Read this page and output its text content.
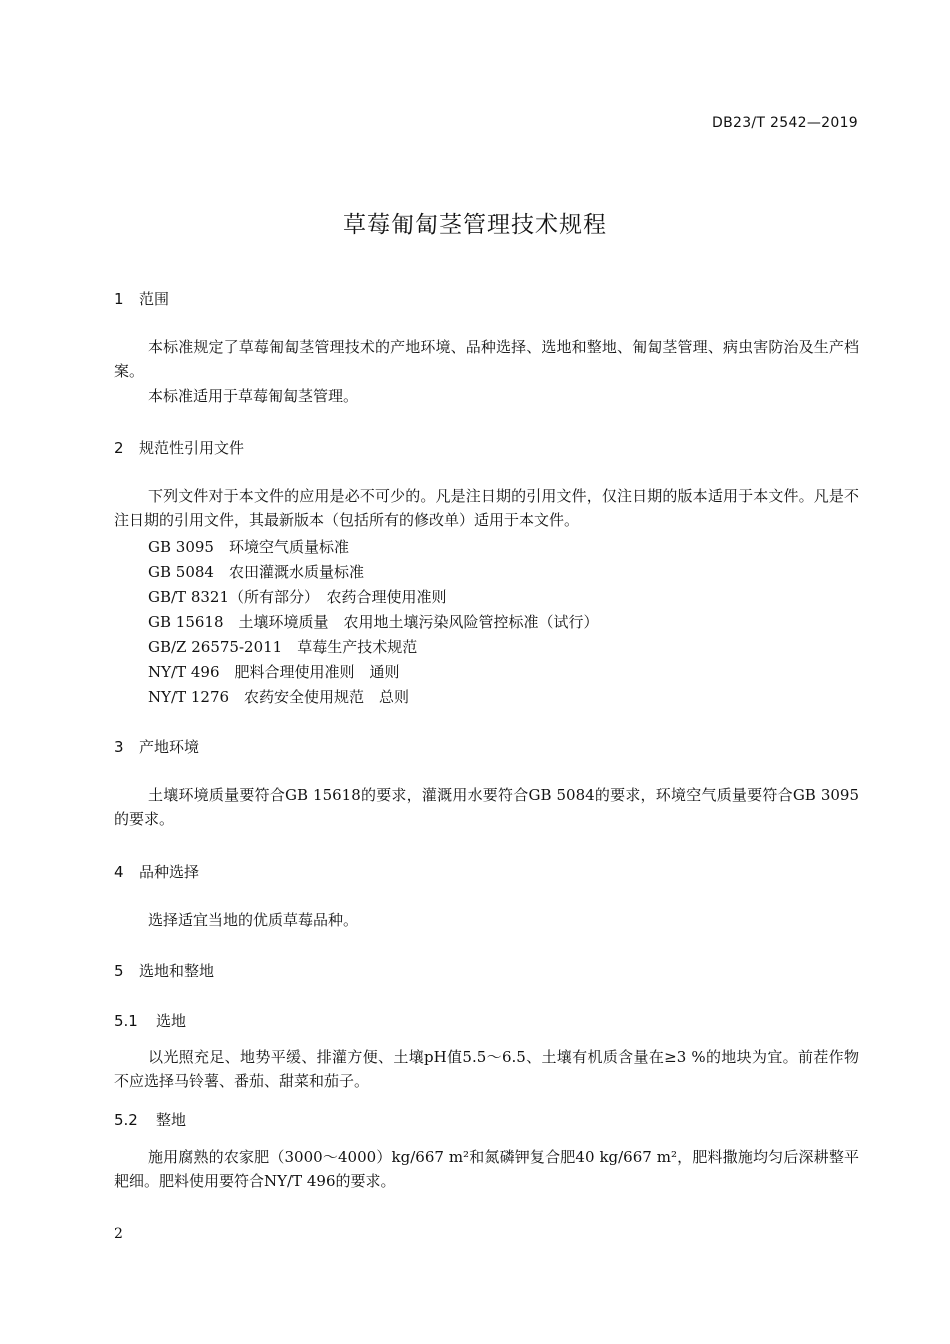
DB23/T 2542—2019
草莓匍匐茎管理技术规程
1 范围
本标准规定了草莓匍匐茎管理技术的产地环境、品种选择、选地和整地、匍匐茎管理、病虫害防治及生产档案。
本标准适用于草莓匍匐茎管理。
2 规范性引用文件
下列文件对于本文件的应用是必不可少的。凡是注日期的引用文件，仅注日期的版本适用于本文件。凡是不注日期的引用文件，其最新版本（包括所有的修改单）适用于本文件。
GB 3095　环境空气质量标准
GB 5084　农田灌溉水质量标准
GB/T 8321（所有部分）　农药合理使用准则
GB 15618　土壤环境质量　农用地土壤污染风险管控标准（试行）
GB/Z 26575-2011　草莓生产技术规范
NY/T 496　肥料合理使用准则　通则
NY/T 1276　农药安全使用规范　总则
3 产地环境
土壤环境质量要符合GB 15618的要求，灌溉用水要符合GB 5084的要求，环境空气质量要符合GB 3095的要求。
4 品种选择
选择适宜当地的优质草莓品种。
5 选地和整地
5.1 选地
以光照充足、地势平缓、排灌方便、土壤pH值5.5～6.5、土壤有机质含量在≥3 %的地块为宜。前茬作物不应选择马铃薯、番茄、甜菜和茄子。
5.2 整地
施用腐熟的农家肥（3000～4000）kg/667 m²和氮磷钾复合肥40 kg/667 m²，肥料撒施均匀后深耕整平耙细。肥料使用要符合NY/T 496的要求。
2
